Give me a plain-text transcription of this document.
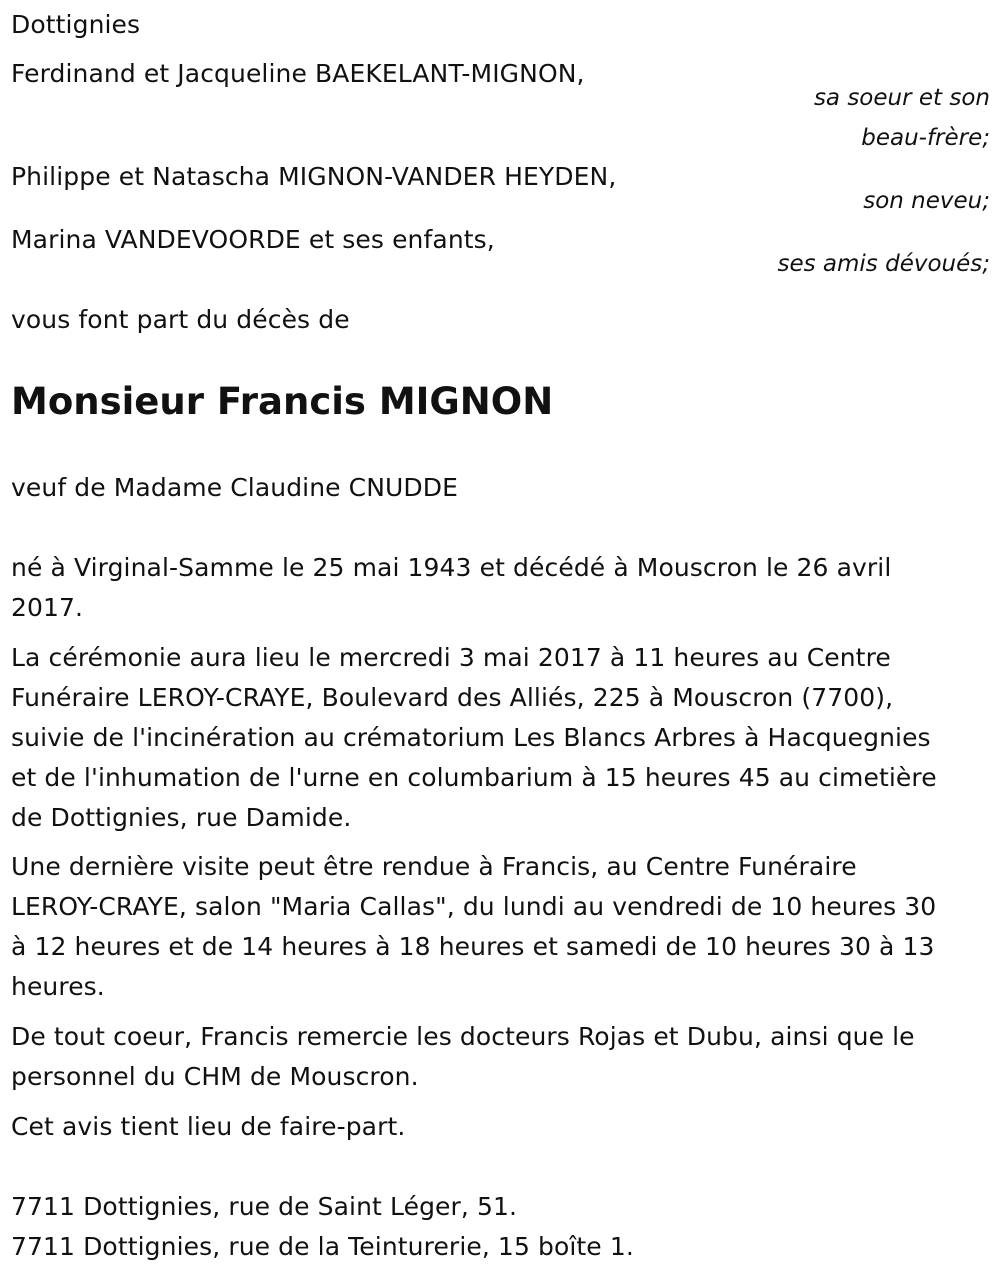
Dottignies
Ferdinand et Jacqueline BAEKELANT-MIGNON,
sa soeur et son
beau-frère;
Philippe et Natascha MIGNON-VANDER HEYDEN,
son neveu;
Marina VANDEVOORDE et ses enfants,
ses amis dévoués;
vous font part du décès de
Monsieur Francis MIGNON
veuf de Madame Claudine CNUDDE
né à Virginal-Samme le 25 mai 1943 et décédé à Mouscron le 26 avril
2017.
La cérémonie aura lieu le mercredi 3 mai 2017 à 11 heures au Centre
Funéraire LEROY-CRAYE, Boulevard des Alliés, 225 à Mouscron (7700),
suivie de l'incinération au crématorium Les Blancs Arbres à Hacquegnies
et de l'inhumation de l'urne en columbarium à 15 heures 45 au cimetière
de Dottignies, rue Damide.
Une dernière visite peut être rendue à Francis, au Centre Funéraire
LEROY-CRAYE, salon "Maria Callas", du lundi au vendredi de 10 heures 30
à 12 heures et de 14 heures à 18 heures et samedi de 10 heures 30 à 13
heures.
De tout coeur, Francis remercie les docteurs Rojas et Dubu, ainsi que le
personnel du CHM de Mouscron.
Cet avis tient lieu de faire-part.
7711 Dottignies, rue de Saint Léger, 51.
7711 Dottignies, rue de la Teinturerie, 15 boîte 1.
